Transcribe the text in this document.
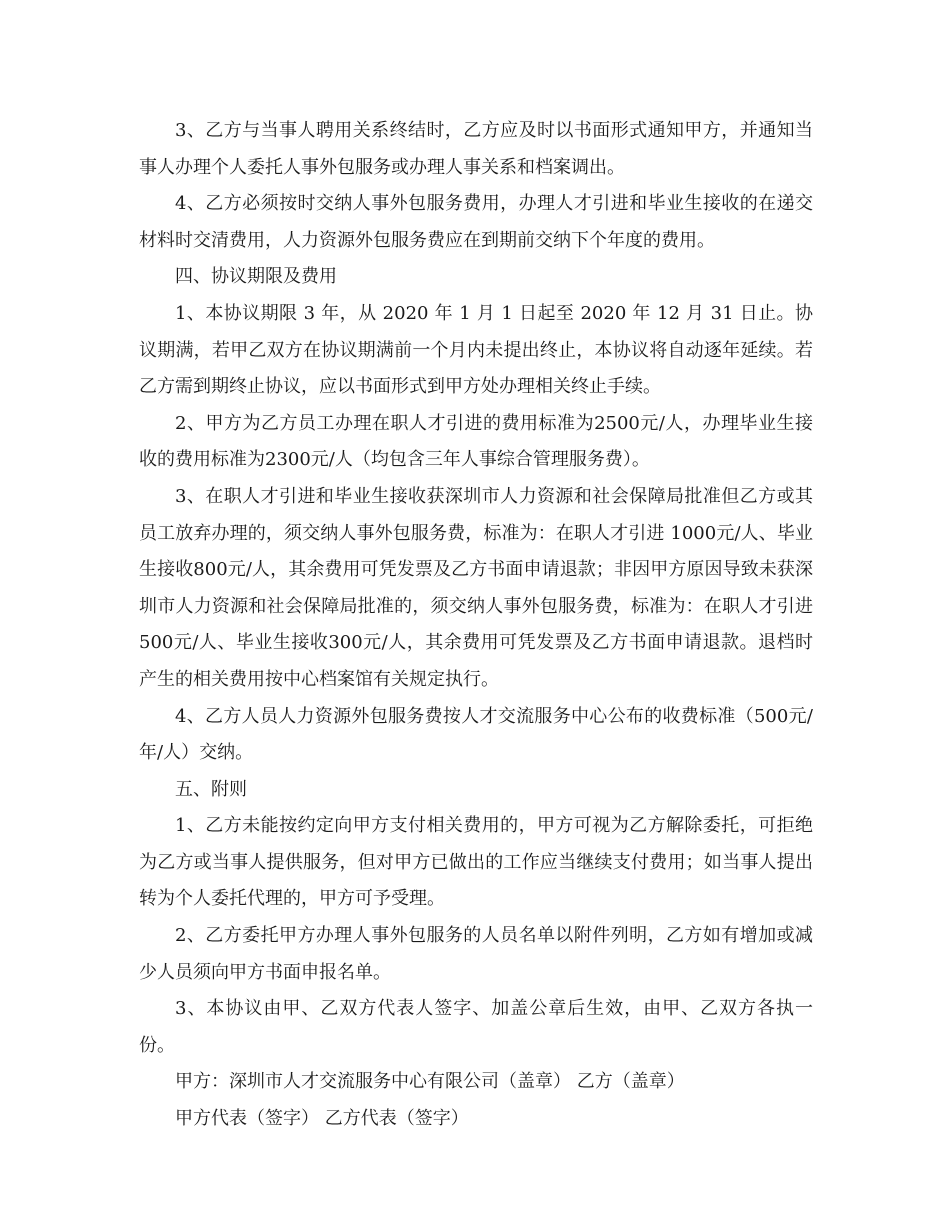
3、乙方与当事人聘用关系终结时，乙方应及时以书面形式通知甲方，并通知当事人办理个人委托人事外包服务或办理人事关系和档案调出。

4、乙方必须按时交纳人事外包服务费用，办理人才引进和毕业生接收的在递交材料时交清费用，人力资源外包服务费应在到期前交纳下个年度的费用。

四、协议期限及费用

1、本协议期限 3 年，从 2020 年 1 月 1 日起至 2020 年 12 月 31 日止。协议期满，若甲乙双方在协议期满前一个月内未提出终止，本协议将自动逐年延续。若乙方需到期终止协议，应以书面形式到甲方处办理相关终止手续。

2、甲方为乙方员工办理在职人才引进的费用标准为2500元/人，办理毕业生接收的费用标准为2300元/人（均包含三年人事综合管理服务费）。

3、在职人才引进和毕业生接收获深圳市人力资源和社会保障局批准但乙方或其员工放弃办理的，须交纳人事外包服务费，标准为：在职人才引进 1000元/人、毕业生接收800元/人，其余费用可凭发票及乙方书面申请退款；非因甲方原因导致未获深圳市人力资源和社会保障局批准的，须交纳人事外包服务费，标准为：在职人才引进500元/人、毕业生接收300元/人，其余费用可凭发票及乙方书面申请退款。退档时产生的相关费用按中心档案馆有关规定执行。

4、乙方人员人力资源外包服务费按人才交流服务中心公布的收费标准（500元/年/人）交纳。

五、附则

1、乙方未能按约定向甲方支付相关费用的，甲方可视为乙方解除委托，可拒绝为乙方或当事人提供服务，但对甲方已做出的工作应当继续支付费用；如当事人提出转为个人委托代理的，甲方可予受理。

2、乙方委托甲方办理人事外包服务的人员名单以附件列明，乙方如有增加或减少人员须向甲方书面申报名单。

3、本协议由甲、乙双方代表人签字、加盖公章后生效，由甲、乙双方各执一份。

甲方：深圳市人才交流服务中心有限公司（盖章） 乙方（盖章）

甲方代表（签字） 乙方代表（签字）
